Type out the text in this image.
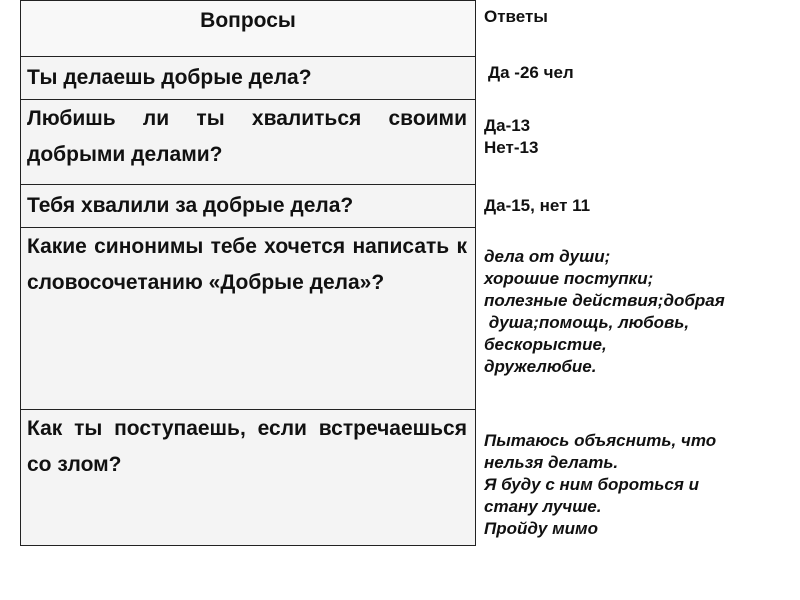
Вопросы
Ты делаешь добрые дела?
Любишь ли ты хвалиться своими добрыми делами?
Тебя хвалили за добрые дела?
Какие синонимы тебе хочется написать к словосочетанию «Добрые дела»?
Как ты поступаешь, если встречаешься со злом?
Ответы
Да -26 чел
Да-13
Нет-13
Да-15, нет 11
дела от души;
хорошие поступки;
полезные действия;добрая
душа;помощь, любовь,
бескорыстие,
дружелюбие.
Пытаюсь объяснить, что
нельзя делать.
Я буду с ним бороться и
стану лучше.
Пройду мимо
